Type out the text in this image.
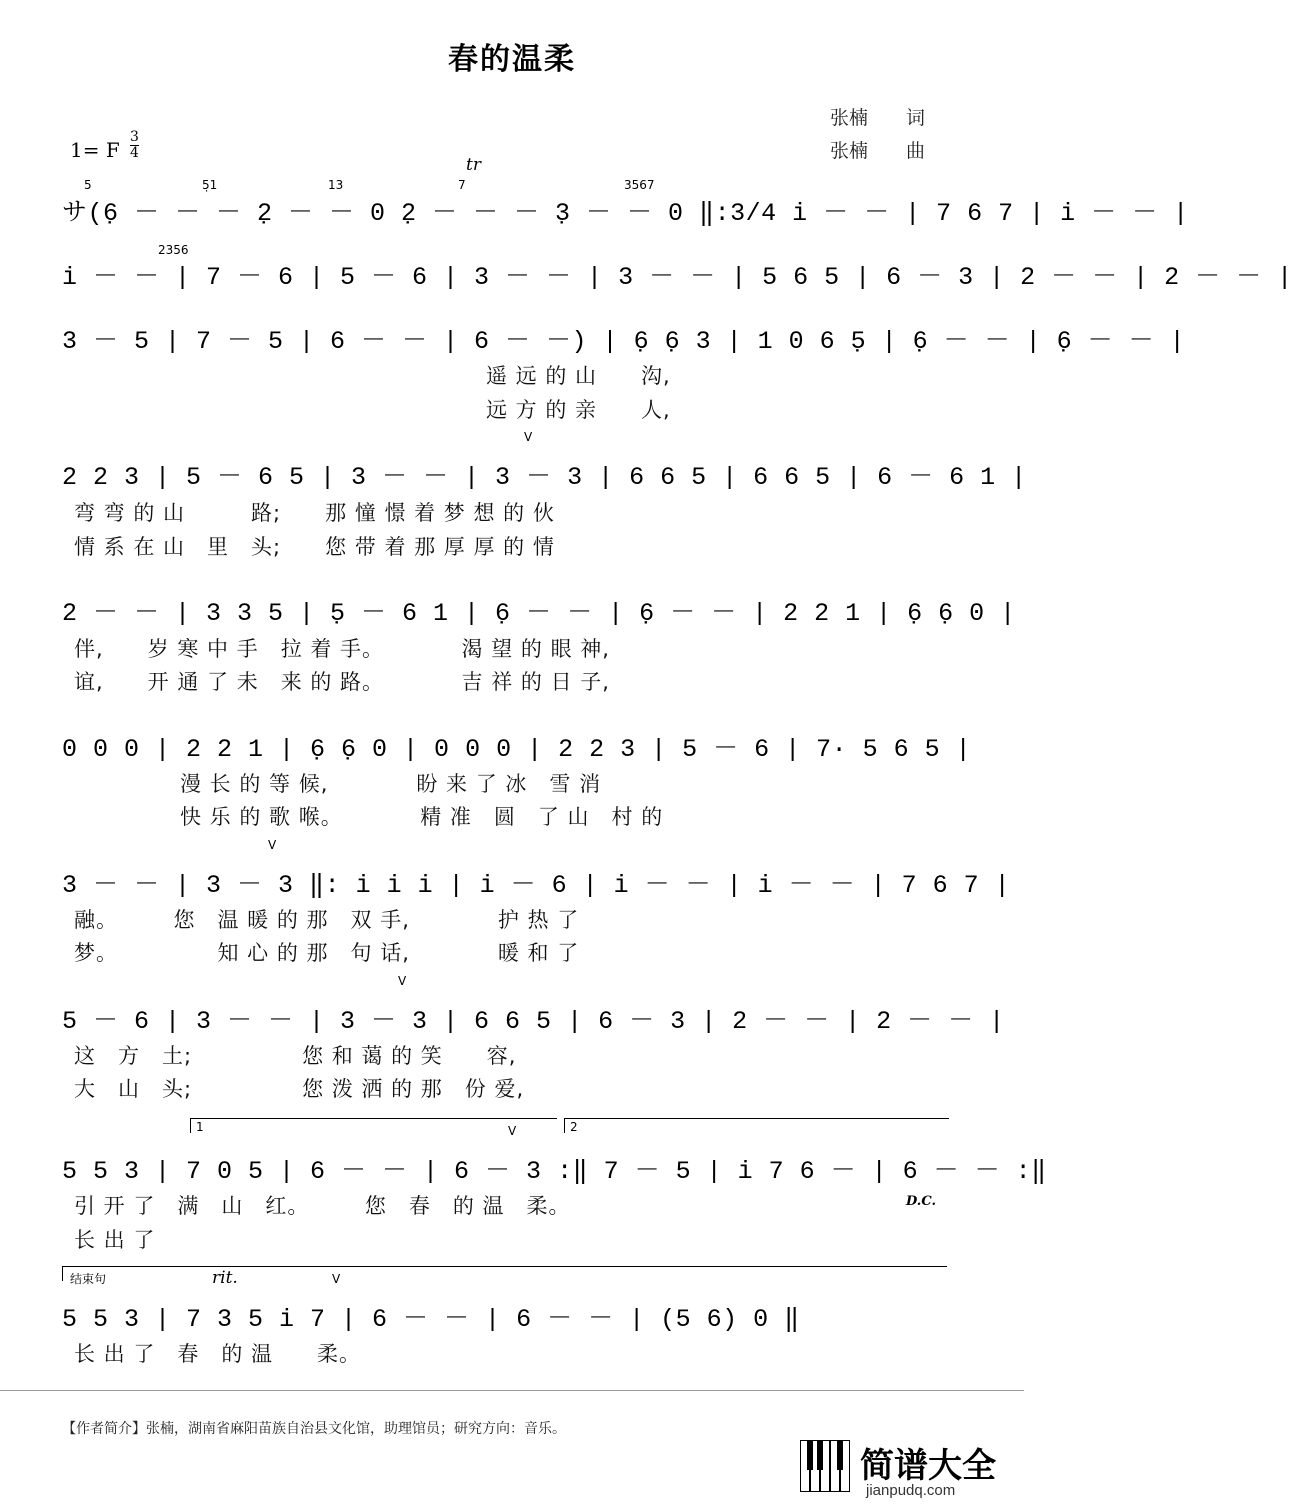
春的温柔
张楠　　词
张楠　　曲
1= F
3
4
tr
5	5̣1	13	7	3567
2356
サ(6̣ － － － 2̣ － － 0 2̣ － － － 3̣ － － 0 ‖:3/4 i － － | 7 6 7 | i － － |
i － － | 7 － 6 | 5 － 6 | 3 － － | 3 － － | 5 6 5 | 6 － 3 | 2 － － | 2 － － |
3 － 5 | 7 － 5 | 6 － － | 6 － －) | 6̣ 6̣ 3 | 1 0 6 5̣ | 6̣ － － | 6̣ － － |
遥 远 的 山　　沟,
远 方 的 亲　　人,
V
2 2 3 | 5 － 6 5 | 3 － － | 3 － 3 | 6 6 5 | 6 6 5 | 6 － 6 1 |
弯 弯 的 山　　　路;　　那 憧 憬 着 梦 想 的 伙
情 系 在 山　里　头;　　您 带 着 那 厚 厚 的 情
2 － － | 3 3 5 | 5̣ － 6 1 | 6̣ － － | 6̣ － － | 2 2 1 | 6̣ 6̣ 0 |
伴,　　岁 寒 中 手　拉 着 手。　　　　渴 望 的 眼 神,
谊,　　开 通 了 未　来 的 路。　　　　吉 祥 的 日 子,
0 0 0 | 2 2 1 | 6̣ 6̣ 0 | 0 0 0 | 2 2 3 | 5 － 6 | 7· 5 6 5 |
漫 长 的 等 候,　　　　盼 来 了 冰　雪 消
快 乐 的 歌 喉。　　　　精 准　圆　了 山　村 的
V
3 － － | 3 － 3 ‖: i i i | i － 6 | i － － | i － － | 7 6 7 |
融。　　　您　温 暖 的 那　双 手,　　　　护 热 了
梦。　　　　　知 心 的 那　句 话,　　　　暖 和 了
V
5 － 6 | 3 － － | 3 － 3 | 6 6 5 | 6 － 3 | 2 － － | 2 － － |
这　方　土;　　　　　您 和 蔼 的 笑　　容,
大　山　头;　　　　　您 泼 洒 的 那　份 爱,
1	2
V
5 5 3 | 7 0 5 | 6 － － | 6 － 3 :‖ 7 － 5 | i 7 6 － | 6 － － :‖
引 开 了　满　山　红。　　　您　春　的 温　柔。
长 出 了
D.C.
结束句	rit.	V
5 5 3 | 7 3 5 i 7 | 6 － － | 6 － － | (5 6) 0 ‖
长 出 了　春　的 温　　柔。
【作者简介】张楠，湖南省麻阳苗族自治县文化馆，助理馆员；研究方向：音乐。
简谱大全
jianpudq.com
